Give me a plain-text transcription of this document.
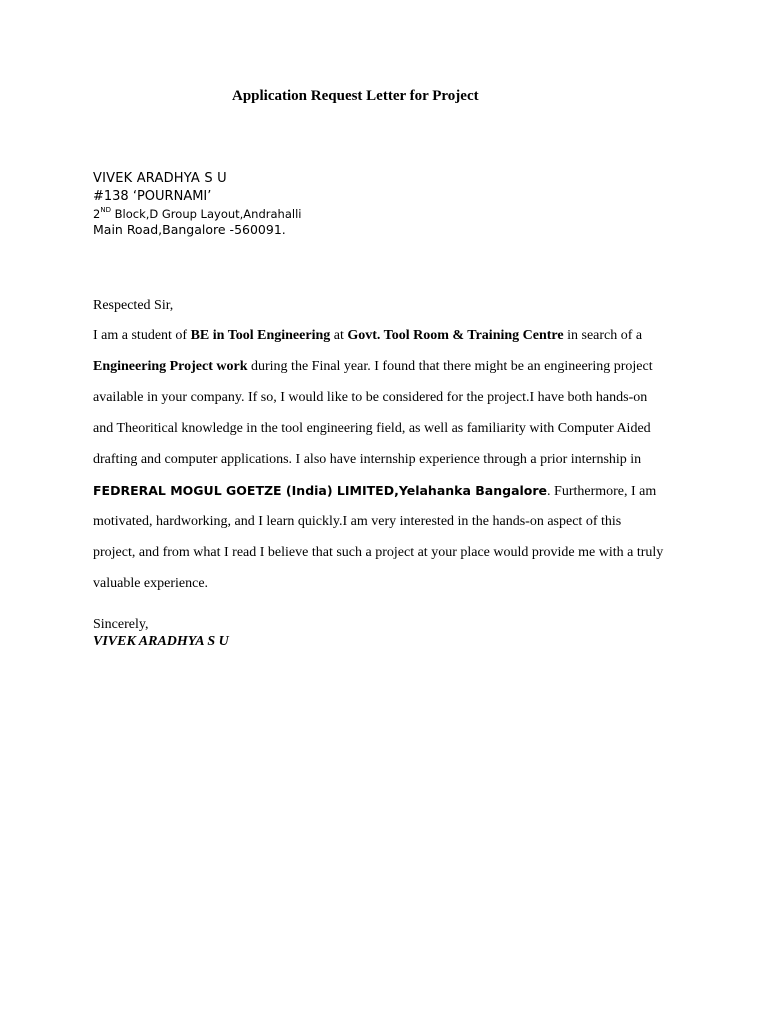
Application Request Letter for Project
VIVEK ARADHYA S U
#138 ‘POURNAMI’
2ND Block,D Group Layout,Andrahalli
Main Road,Bangalore -560091.
Respected Sir,
I am a student of BE in Tool Engineering at Govt. Tool Room & Training Centre in search of a
Engineering Project work during the Final year. I found that there might be an engineering project
available in your company. If so, I would like to be considered for the project.I have both hands-on
and Theoritical knowledge in the tool engineering field, as well as familiarity with Computer Aided
drafting and computer applications. I also have internship experience through a prior internship in
FEDRERAL MOGUL GOETZE (India) LIMITED,Yelahanka Bangalore. Furthermore, I am
motivated, hardworking, and I learn quickly.I am very interested in the hands-on aspect of this
project, and from what I read I believe that such a project at your place would provide me with a truly
valuable experience.
Sincerely,
VIVEK ARADHYA S U
